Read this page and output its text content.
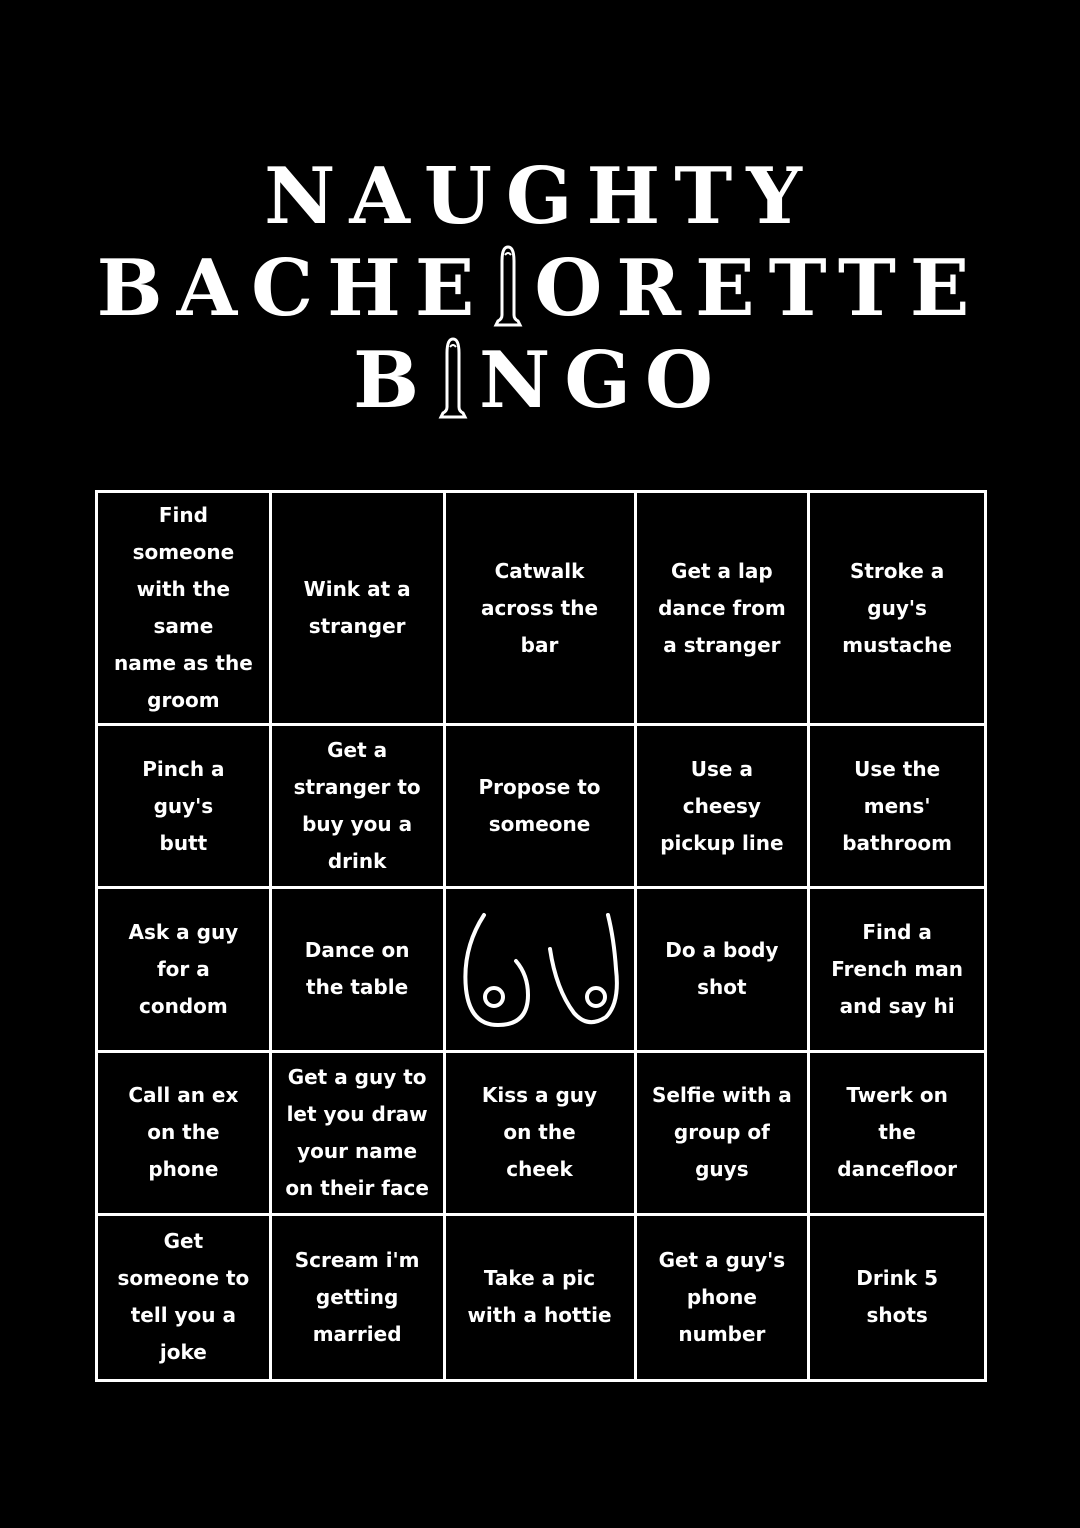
NAUGHTY
BACHE ORETTE
B NGO
Find someone
with the same
name as the
groom
Wink at a
stranger
Catwalk
across the
bar
Get a lap
dance from
a stranger
Stroke a
guy's
mustache
Pinch a guy's
butt
Get a
stranger to
buy you a
drink
Propose to
someone
Use a
cheesy
pickup line
Use the
mens'
bathroom
Ask a guy
for a
condom
Dance on
the table
Do a body
shot
Find a
French man
and say hi
Call an ex
on the phone
Get a guy to
let you draw
your name
on their face
Kiss a guy
on the
cheek
Selfie with a
group of
guys
Twerk on
the
dancefloor
Get
someone to
tell you a
joke
Scream i'm
getting
married
Take a pic
with a hottie
Get a guy's
phone
number
Drink 5 shots
